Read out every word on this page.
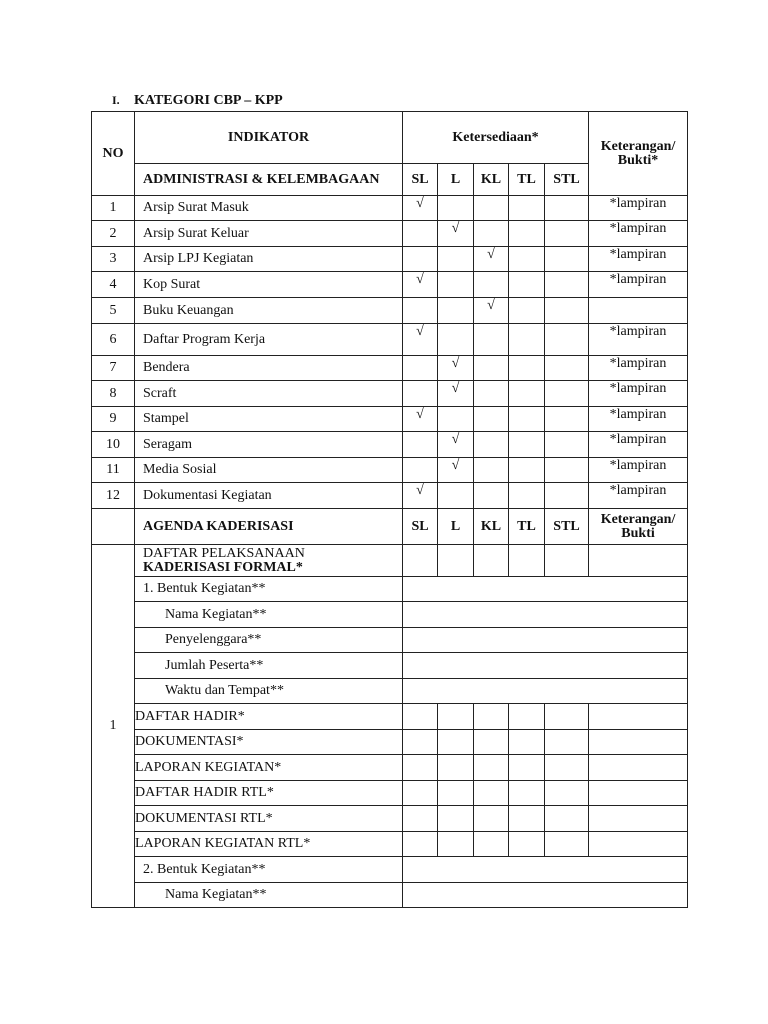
I. KATEGORI CBP – KPP
NO	INDIKATOR	Ketersediaan*					Keterangan/ Bukti*
	ADMINISTRASI & KELEMBAGAAN	SL	L	KL	TL	STL	
1	Arsip Surat Masuk	√					*lampiran
2	Arsip Surat Keluar		√				*lampiran
3	Arsip LPJ Kegiatan			√			*lampiran
4	Kop Surat	√					*lampiran
5	Buku Keuangan			√			
6	Daftar Program Kerja	√					*lampiran
7	Bendera		√				*lampiran
8	Scraft		√				*lampiran
9	Stampel	√					*lampiran
10	Seragam		√				*lampiran
11	Media Sosial		√				*lampiran
12	Dokumentasi Kegiatan	√					*lampiran
	AGENDA KADERISASI	SL	L	KL	TL	STL	Keterangan/ Bukti
1	DAFTAR PELAKSANAAN
KADERISASI FORMAL*						
	1. Bentuk Kegiatan**						
	Nama Kegiatan**						
	Penyelenggara**						
	Jumlah Peserta**						
	Waktu dan Tempat**						
	DAFTAR HADIR*						
	DOKUMENTASI*						
	LAPORAN KEGIATAN*						
	DAFTAR HADIR RTL*						
	DOKUMENTASI RTL*						
	LAPORAN KEGIATAN RTL*						
	2. Bentuk Kegiatan**						
	Nama Kegiatan**						
